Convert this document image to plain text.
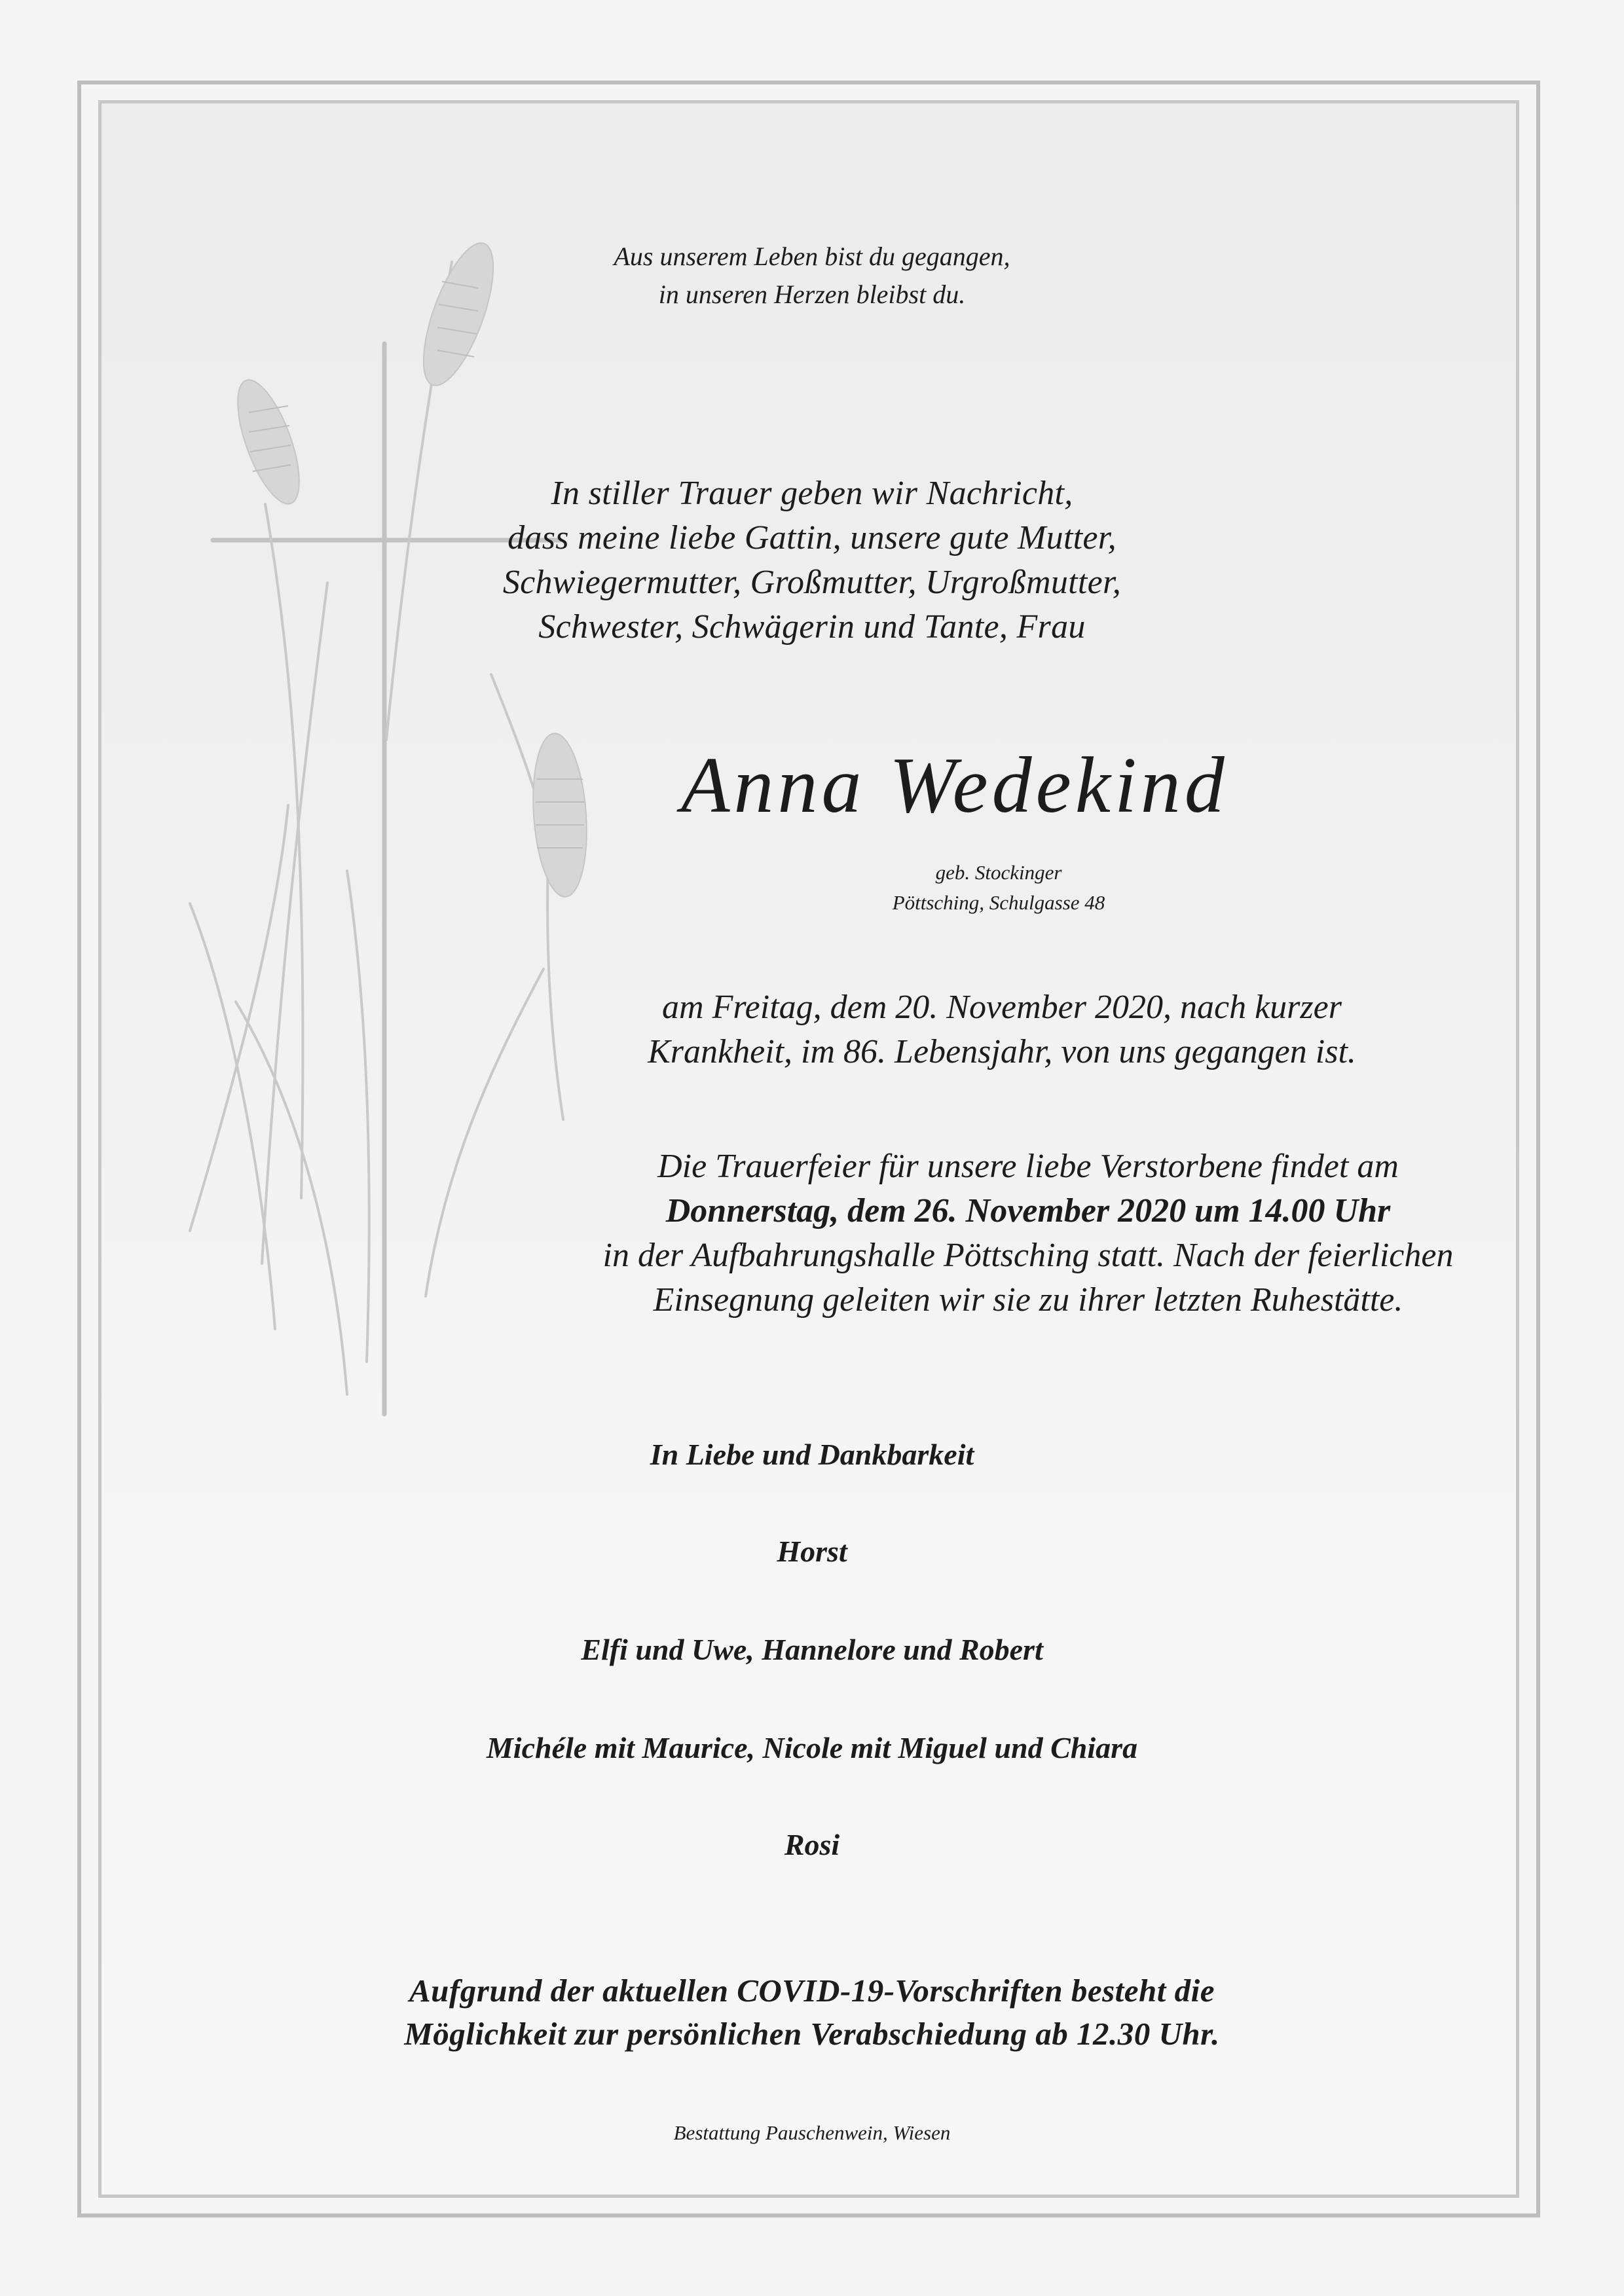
Aus unserem Leben bist du gegangen,
in unseren Herzen bleibst du.
In stiller Trauer geben wir Nachricht,
dass meine liebe Gattin, unsere gute Mutter,
Schwiegermutter, Großmutter, Urgroßmutter,
Schwester, Schwägerin und Tante, Frau
Anna Wedekind
geb. Stockinger
Pöttsching, Schulgasse 48
am Freitag, dem 20. November 2020, nach kurzer
Krankheit, im 86. Lebensjahr, von uns gegangen ist.
Die Trauerfeier für unsere liebe Verstorbene findet am
Donnerstag, dem 26. November 2020 um 14.00 Uhr
in der Aufbahrungshalle Pöttsching statt. Nach der feierlichen
Einsegnung geleiten wir sie zu ihrer letzten Ruhestätte.
In Liebe und Dankbarkeit
Horst
Elfi und Uwe, Hannelore und Robert
Michéle mit Maurice, Nicole mit Miguel und Chiara
Rosi
Aufgrund der aktuellen COVID-19-Vorschriften besteht die
Möglichkeit zur persönlichen Verabschiedung ab 12.30 Uhr.
Bestattung Pauschenwein, Wiesen
